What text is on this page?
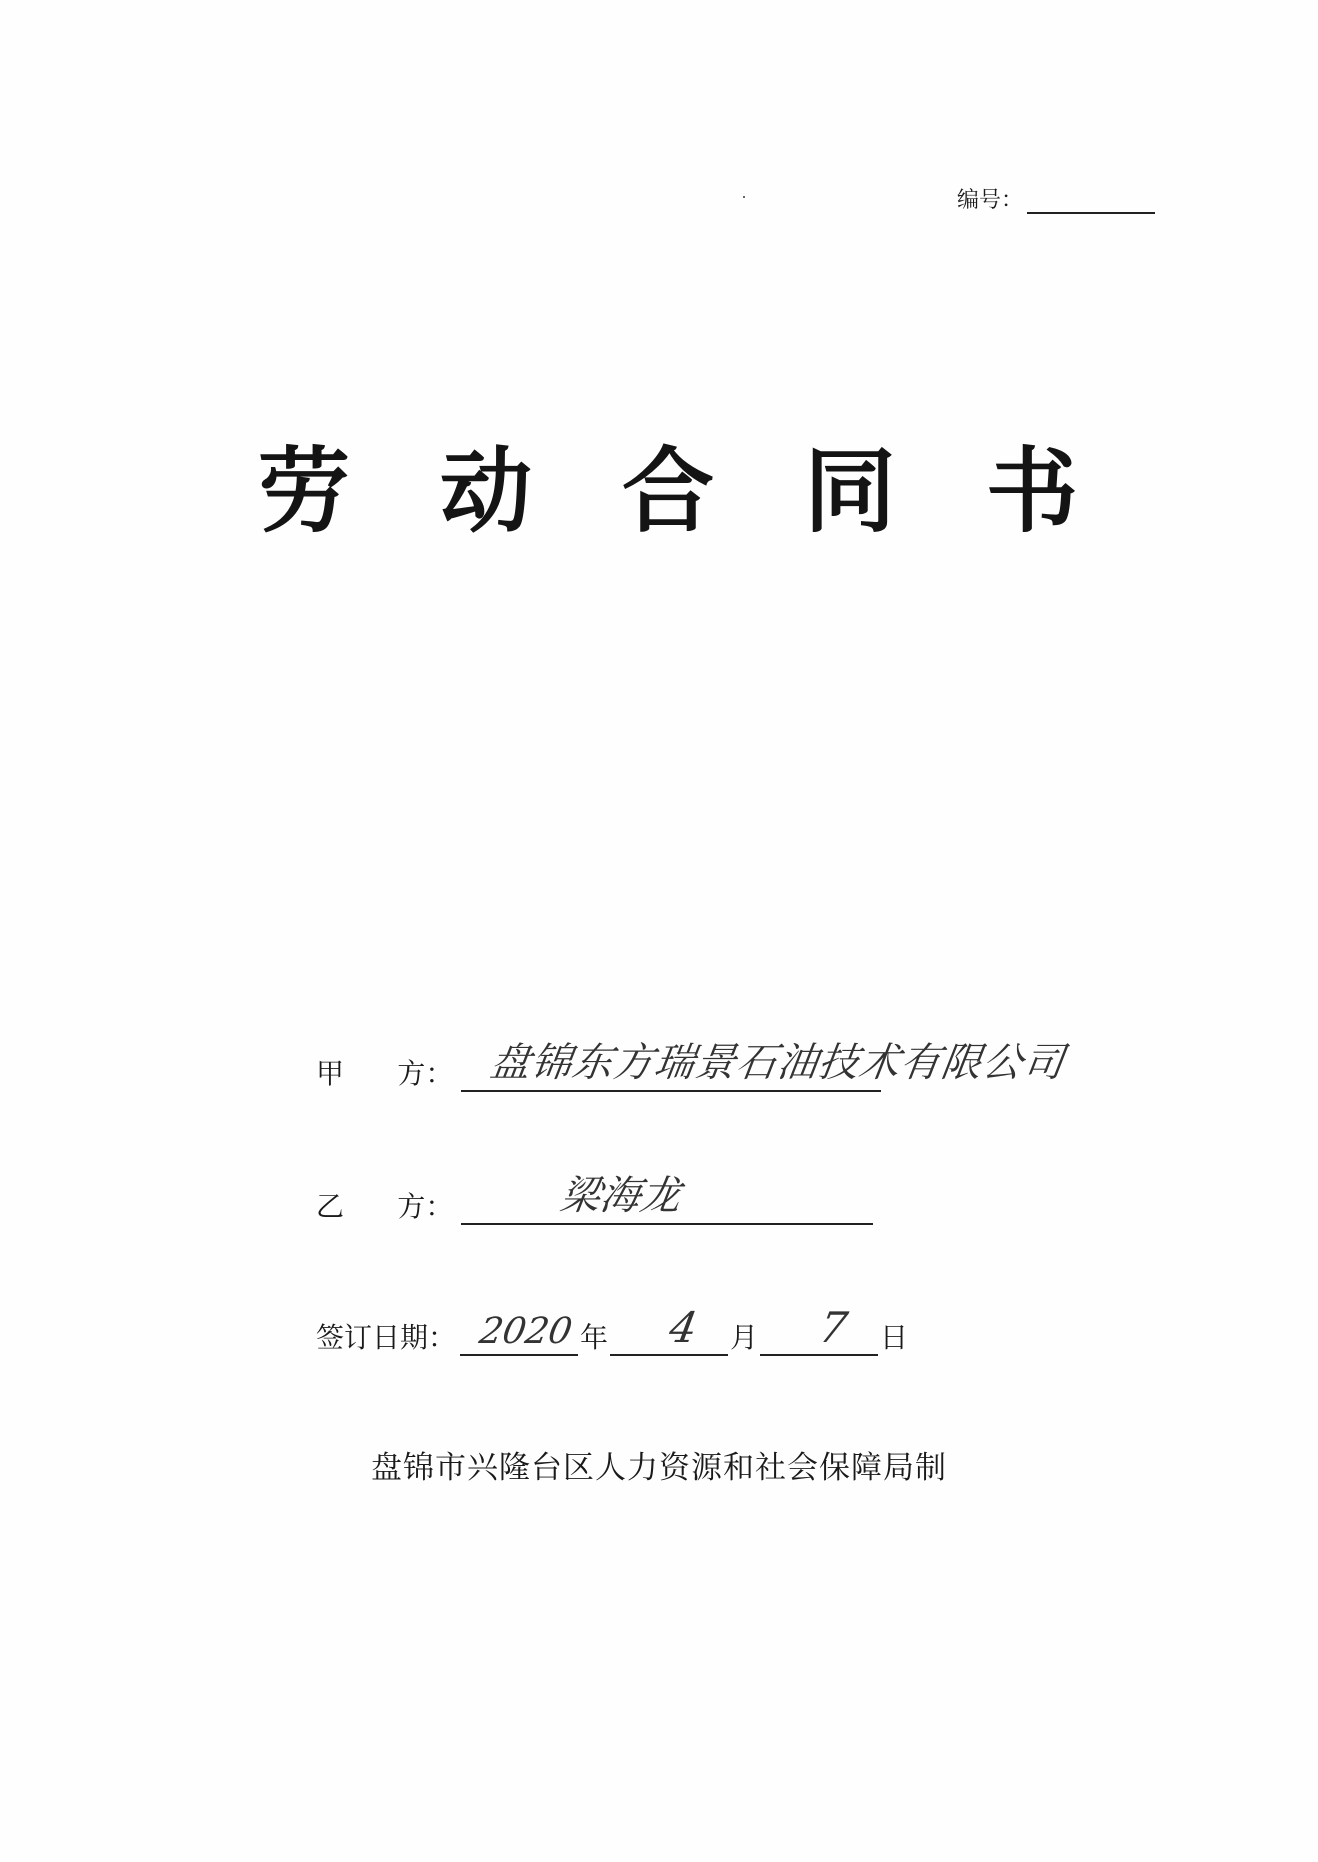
编号：
劳 动 合 同 书
甲      方： 盘锦东方瑞景石油技术有限公司
乙      方：	梁海龙
签订日期： 2020 年 4 月 7 日
盘锦市兴隆台区人力资源和社会保障局制
